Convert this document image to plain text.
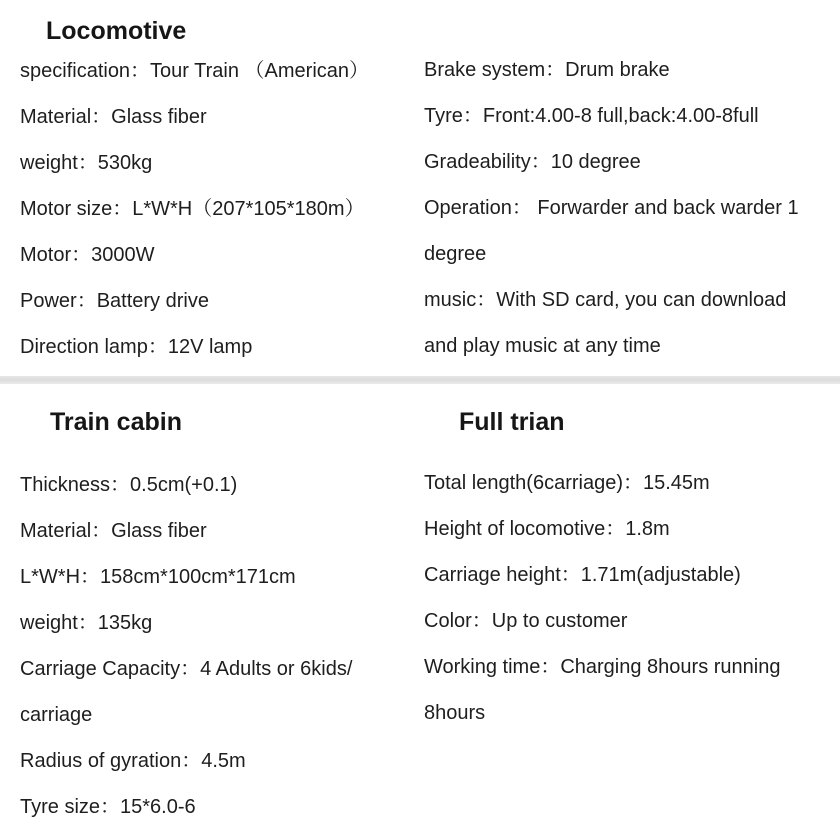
Locomotive
specification：Tour Train （American）
Material：Glass fiber
weight：530kg
Motor size：L*W*H（207*105*180m）
Motor：3000W
Power：Battery drive
Direction lamp：12V lamp
Brake system：Drum brake
Tyre：Front:4.00-8 full,back:4.00-8full
Gradeability：10 degree
Operation： Forwarder and back warder 1
degree
music：With SD card, you can download
and play music at any time
Train cabin	Full trian
Thickness：0.5cm(+0.1)
Material：Glass fiber
L*W*H：158cm*100cm*171cm
weight：135kg
Carriage Capacity：4 Adults or 6kids/
carriage
Radius of gyration：4.5m
Tyre size：15*6.0-6
Total length(6carriage)：15.45m
Height of locomotive：1.8m
Carriage height：1.71m(adjustable)
Color：Up to customer
Working time：Charging 8hours running
8hours
